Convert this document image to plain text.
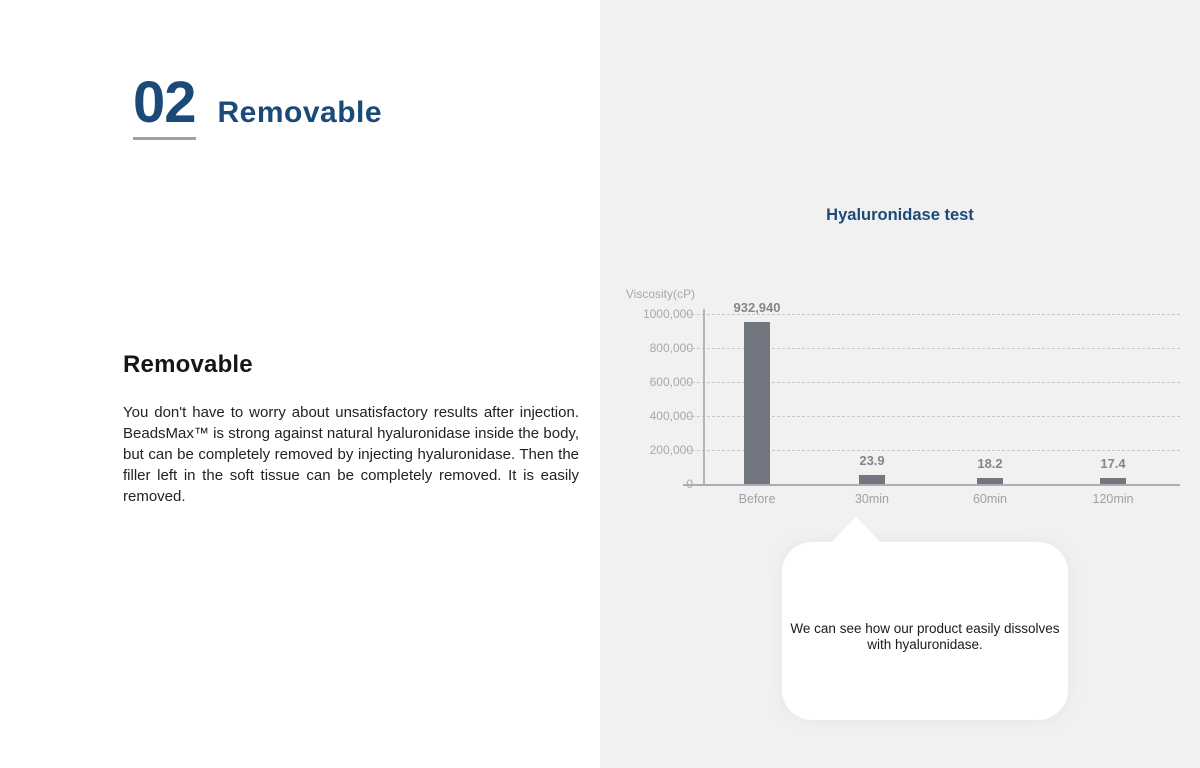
02 Removable
Removable
You don't have to worry about unsatisfactory results after injection. BeadsMax™ is strong against natural hyaluronidase inside the body, but can be completely removed by injecting hyaluronidase. Then the filler left in the soft tissue can be completely removed. It is easily removed.
Hyaluronidase test
Viscosity(cP)
1000,000
800,000
600,000
400,000
200,000
932,940
Before
23.9
30min
18.2
60min
17.4
120min
We can see how our product easily dissolves
with hyaluronidase.
